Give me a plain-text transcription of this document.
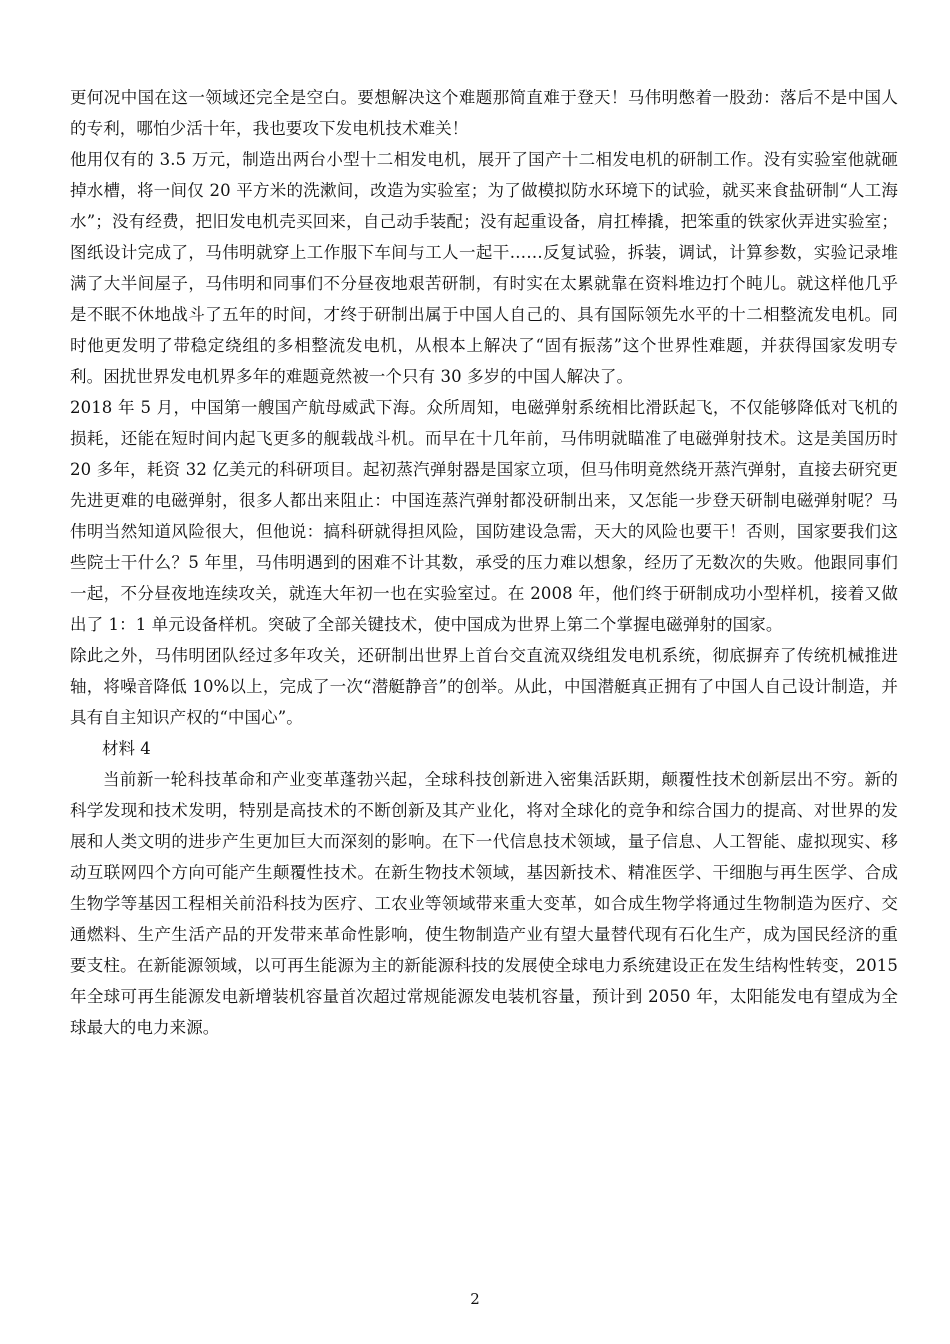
更何况中国在这一领域还完全是空白。要想解决这个难题那简直难于登天！马伟明憋着一股劲：落后不是中国人的专利，哪怕少活十年，我也要攻下发电机技术难关！

他用仅有的 3.5 万元，制造出两台小型十二相发电机，展开了国产十二相发电机的研制工作。没有实验室他就砸掉水槽，将一间仅 20 平方米的洗漱间，改造为实验室；为了做模拟防水环境下的试验，就买来食盐研制“人工海水”；没有经费，把旧发电机壳买回来，自己动手装配；没有起重设备，肩扛棒撬，把笨重的铁家伙弄进实验室；图纸设计完成了，马伟明就穿上工作服下车间与工人一起干……反复试验，拆装，调试，计算参数，实验记录堆满了大半间屋子，马伟明和同事们不分昼夜地艰苦研制，有时实在太累就靠在资料堆边打个盹儿。就这样他几乎是不眠不休地战斗了五年的时间，才终于研制出属于中国人自己的、具有国际领先水平的十二相整流发电机。同时他更发明了带稳定绕组的多相整流发电机，从根本上解决了“固有振荡”这个世界性难题，并获得国家发明专利。困扰世界发电机界多年的难题竟然被一个只有 30 多岁的中国人解决了。

2018 年 5 月，中国第一艘国产航母威武下海。众所周知，电磁弹射系统相比滑跃起飞，不仅能够降低对飞机的损耗，还能在短时间内起飞更多的舰载战斗机。而早在十几年前，马伟明就瞄准了电磁弹射技术。这是美国历时 20 多年，耗资 32 亿美元的科研项目。起初蒸汽弹射器是国家立项，但马伟明竟然绕开蒸汽弹射，直接去研究更先进更难的电磁弹射，很多人都出来阻止：中国连蒸汽弹射都没研制出来，又怎能一步登天研制电磁弹射呢？马伟明当然知道风险很大，但他说：搞科研就得担风险，国防建设急需，天大的风险也要干！否则，国家要我们这些院士干什么？5 年里，马伟明遇到的困难不计其数，承受的压力难以想象，经历了无数次的失败。他跟同事们一起，不分昼夜地连续攻关，就连大年初一也在实验室过。在 2008 年，他们终于研制成功小型样机，接着又做出了 1：1 单元设备样机。突破了全部关键技术，使中国成为世界上第二个掌握电磁弹射的国家。

除此之外，马伟明团队经过多年攻关，还研制出世界上首台交直流双绕组发电机系统，彻底摒弃了传统机械推进轴，将噪音降低 10%以上，完成了一次“潜艇静音”的创举。从此，中国潜艇真正拥有了中国人自己设计制造，并具有自主知识产权的“中国心”。

材料 4

当前新一轮科技革命和产业变革蓬勃兴起，全球科技创新进入密集活跃期，颠覆性技术创新层出不穷。新的科学发现和技术发明，特别是高技术的不断创新及其产业化，将对全球化的竞争和综合国力的提高、对世界的发展和人类文明的进步产生更加巨大而深刻的影响。在下一代信息技术领域，量子信息、人工智能、虚拟现实、移动互联网四个方向可能产生颠覆性技术。在新生物技术领域，基因新技术、精准医学、干细胞与再生医学、合成生物学等基因工程相关前沿科技为医疗、工农业等领域带来重大变革，如合成生物学将通过生物制造为医疗、交通燃料、生产生活产品的开发带来革命性影响，使生物制造产业有望大量替代现有石化生产，成为国民经济的重要支柱。在新能源领域，以可再生能源为主的新能源科技的发展使全球电力系统建设正在发生结构性转变，2015 年全球可再生能源发电新增装机容量首次超过常规能源发电装机容量，预计到 2050 年，太阳能发电有望成为全球最大的电力来源。

2
